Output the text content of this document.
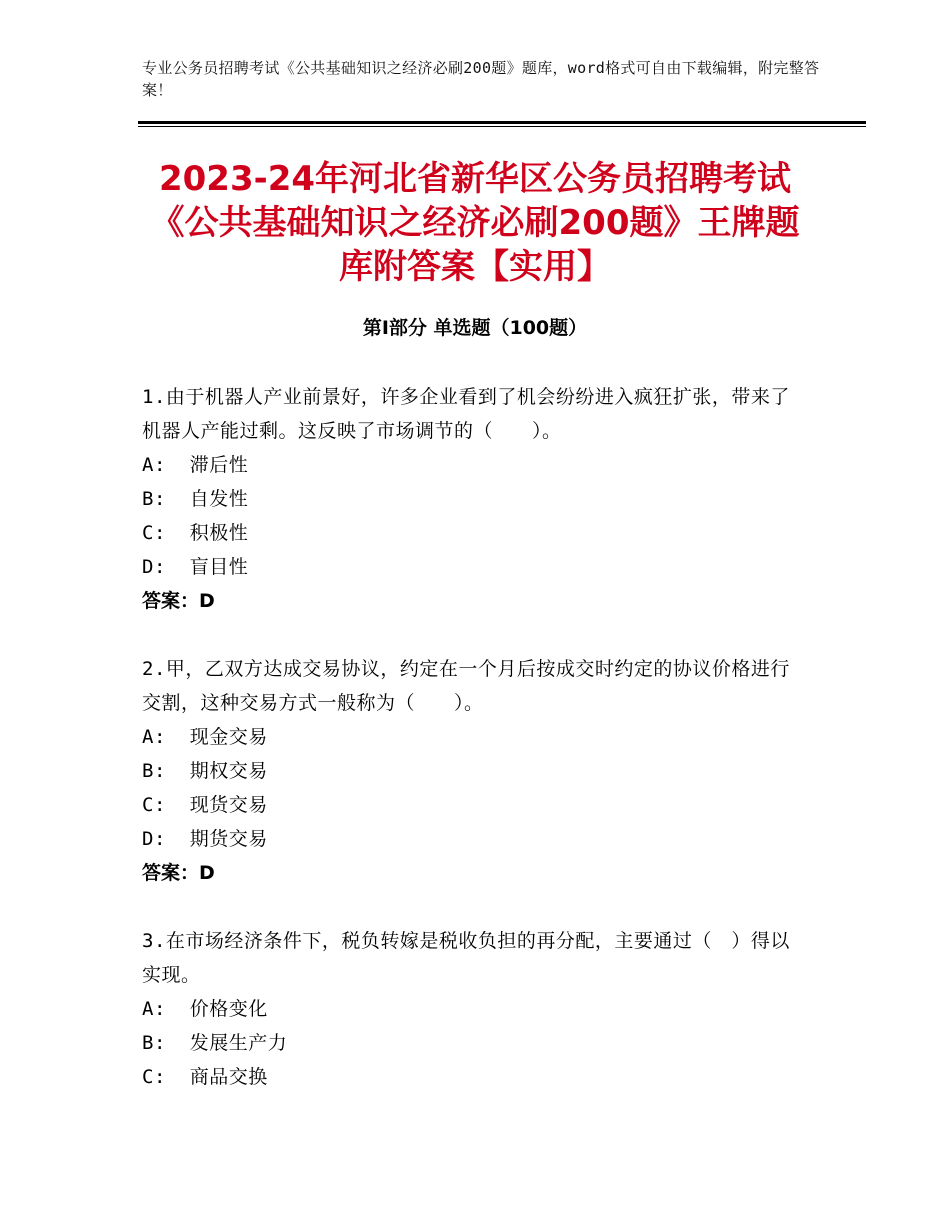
专业公务员招聘考试《公共基础知识之经济必刷200题》题库，word格式可自由下载编辑，附完整答案！
2023-24年河北省新华区公务员招聘考试《公共基础知识之经济必刷200题》王牌题库附答案【实用】
第I部分 单选题（100题）
1.由于机器人产业前景好，许多企业看到了机会纷纷进入疯狂扩张，带来了机器人产能过剩。这反映了市场调节的（　　）。
A:  滞后性
B:  自发性
C:  积极性
D:  盲目性
答案：D
2.甲，乙双方达成交易协议，约定在一个月后按成交时约定的协议价格进行交割，这种交易方式一般称为（　　）。
A:  现金交易
B:  期权交易
C:  现货交易
D:  期货交易
答案：D
3.在市场经济条件下，税负转嫁是税收负担的再分配，主要通过（　）得以实现。
A:  价格变化
B:  发展生产力
C:  商品交换
